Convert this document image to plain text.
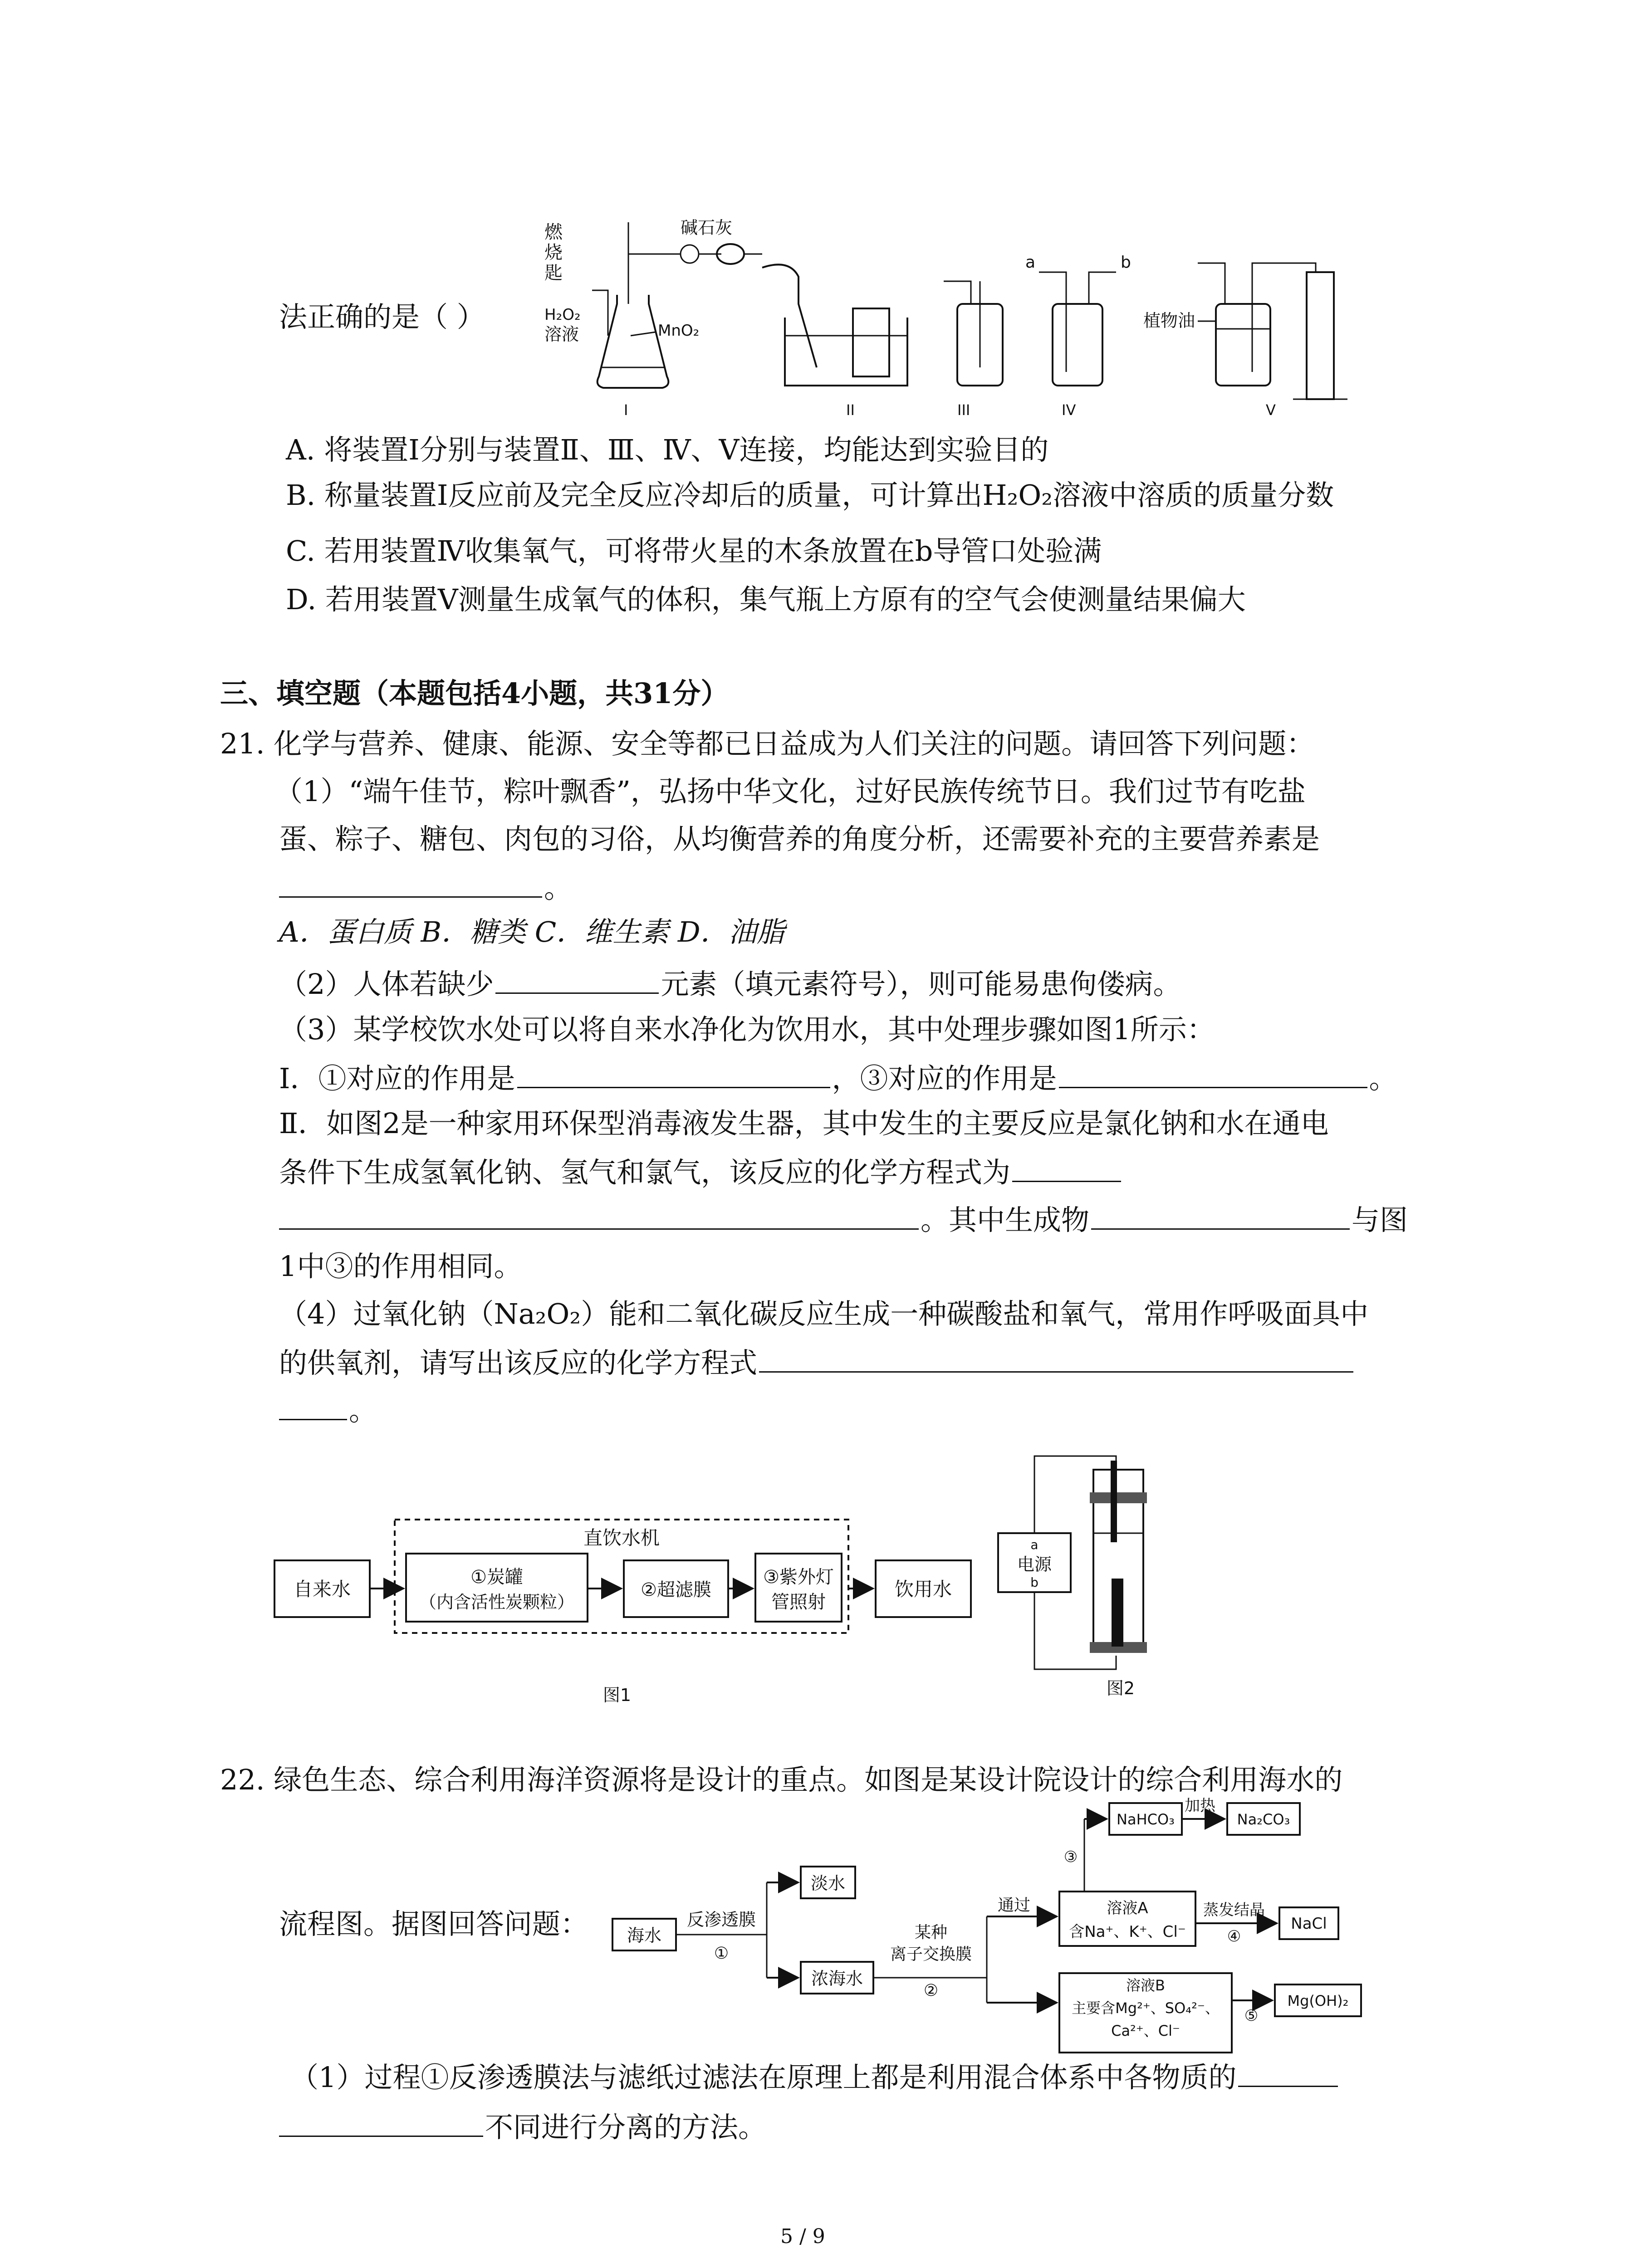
燃
烧
匙
碱石灰
H₂O₂
溶液	MnO₂
I	II	III
a	b
IV
植物油
V
法正确的是（ ）
A. 将装置I分别与装置Ⅱ、Ⅲ、Ⅳ、V连接，均能达到实验目的
B. 称量装置I反应前及完全反应冷却后的质量，可计算出H₂O₂溶液中溶质的质量分数
C. 若用装置Ⅳ收集氧气，可将带火星的木条放置在b导管口处验满
D. 若用装置V测量生成氧气的体积，集气瓶上方原有的空气会使测量结果偏大
三、填空题（本题包括4小题，共31分）
21. 化学与营养、健康、能源、安全等都已日益成为人们关注的问题。请回答下列问题：
（1）“端午佳节，粽叶飘香”，弘扬中华文化，过好民族传统节日。我们过节有吃盐
蛋、粽子、糖包、肉包的习俗，从均衡营养的角度分析，还需要补充的主要营养素是
。
A．蛋白质 B．糖类 C．维生素 D．油脂
（2）人体若缺少	元素（填元素符号），则可能易患佝偻病。
（3）某学校饮水处可以将自来水净化为饮用水，其中处理步骤如图1所示：
I．①对应的作用是	，③对应的作用是	。
Ⅱ．如图2是一种家用环保型消毒液发生器，其中发生的主要反应是氯化钠和水在通电
条件下生成氢氧化钠、氢气和氯气，该反应的化学方程式为
。其中生成物	与图
1中③的作用相同。
（4）过氧化钠（Na₂O₂）能和二氧化碳反应生成一种碳酸盐和氧气，常用作呼吸面具中
的供氧剂，请写出该反应的化学方程式
。
自来水
直饮水机
①炭罐
（内含活性炭颗粒）
②超滤膜
③紫外灯
管照射
饮用水
图1
电源
a
b
图2
22. 绿色生态、综合利用海洋资源将是设计的重点。如图是某设计院设计的综合利用海水的
流程图。据图回答问题： 海水
反渗透膜
①
淡水
浓海水
某种
离子交换膜
②
通过	溶液A
含Na⁺、K⁺、Cl⁻
③
NaHCO₃
加热
Na₂CO₃
蒸发结晶
④
NaCl
溶液B
主要含Mg²⁺、SO₄²⁻、
Ca²⁺、Cl⁻
⑤
Mg(OH)₂
（1）过程①反渗透膜法与滤纸过滤法在原理上都是利用混合体系中各物质的
不同进行分离的方法。
5 / 9
